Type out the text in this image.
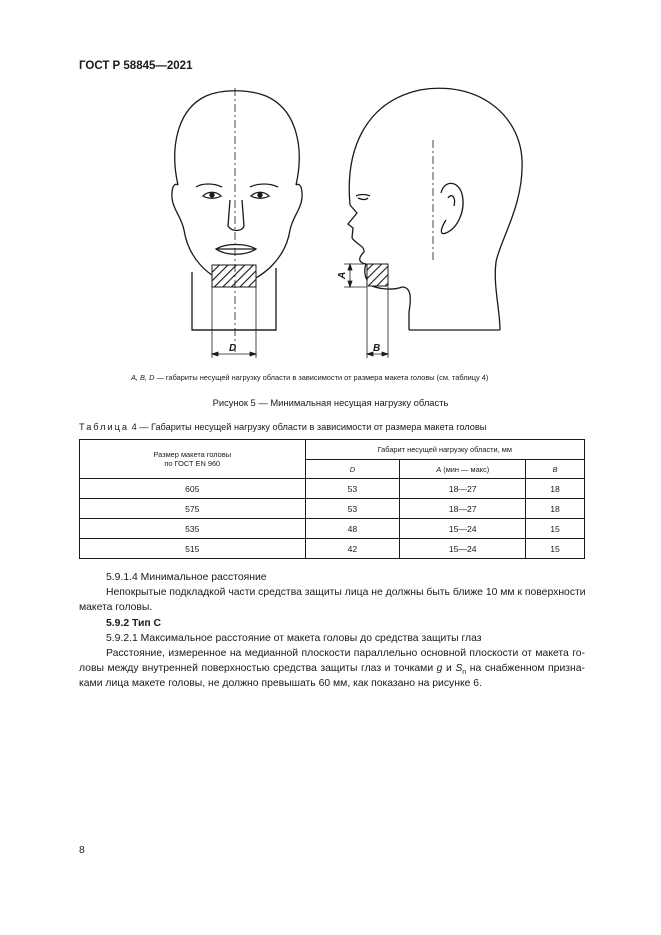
ГОСТ Р 58845—2021
D
A
B
A, B, D — габариты несущей нагрузку области в зависимости от размера макета головы (см. таблицу 4)
Рисунок 5 — Минимальная несущая нагрузку область
Таблица 4 — Габариты несущей нагрузку области в зависимости от размера макета головы
Размер макета головы
по ГОСТ EN 960	Габарит несущей нагрузку области, мм		
	D	A (мин — макс)	B
605	53	18—27	18
575	53	18—27	18
535	48	15—24	15
515	42	15—24	15
5.9.1.4 Минимальное расстояние
Непокрытые подкладкой части средства защиты лица не должны быть ближе 10 мм к поверхности
макета головы.
5.9.2 Тип С
5.9.2.1 Максимальное расстояние от макета головы до средства защиты глаз
Расстояние, измеренное на медианной плоскости параллельно основной плоскости от макета го-
ловы между внутренней поверхностью средства защиты глаз и точками g и $S_n$ на снабженном призна-
ками лица макете головы, не должно превышать 60 мм, как показано на рисунке 6.
8
